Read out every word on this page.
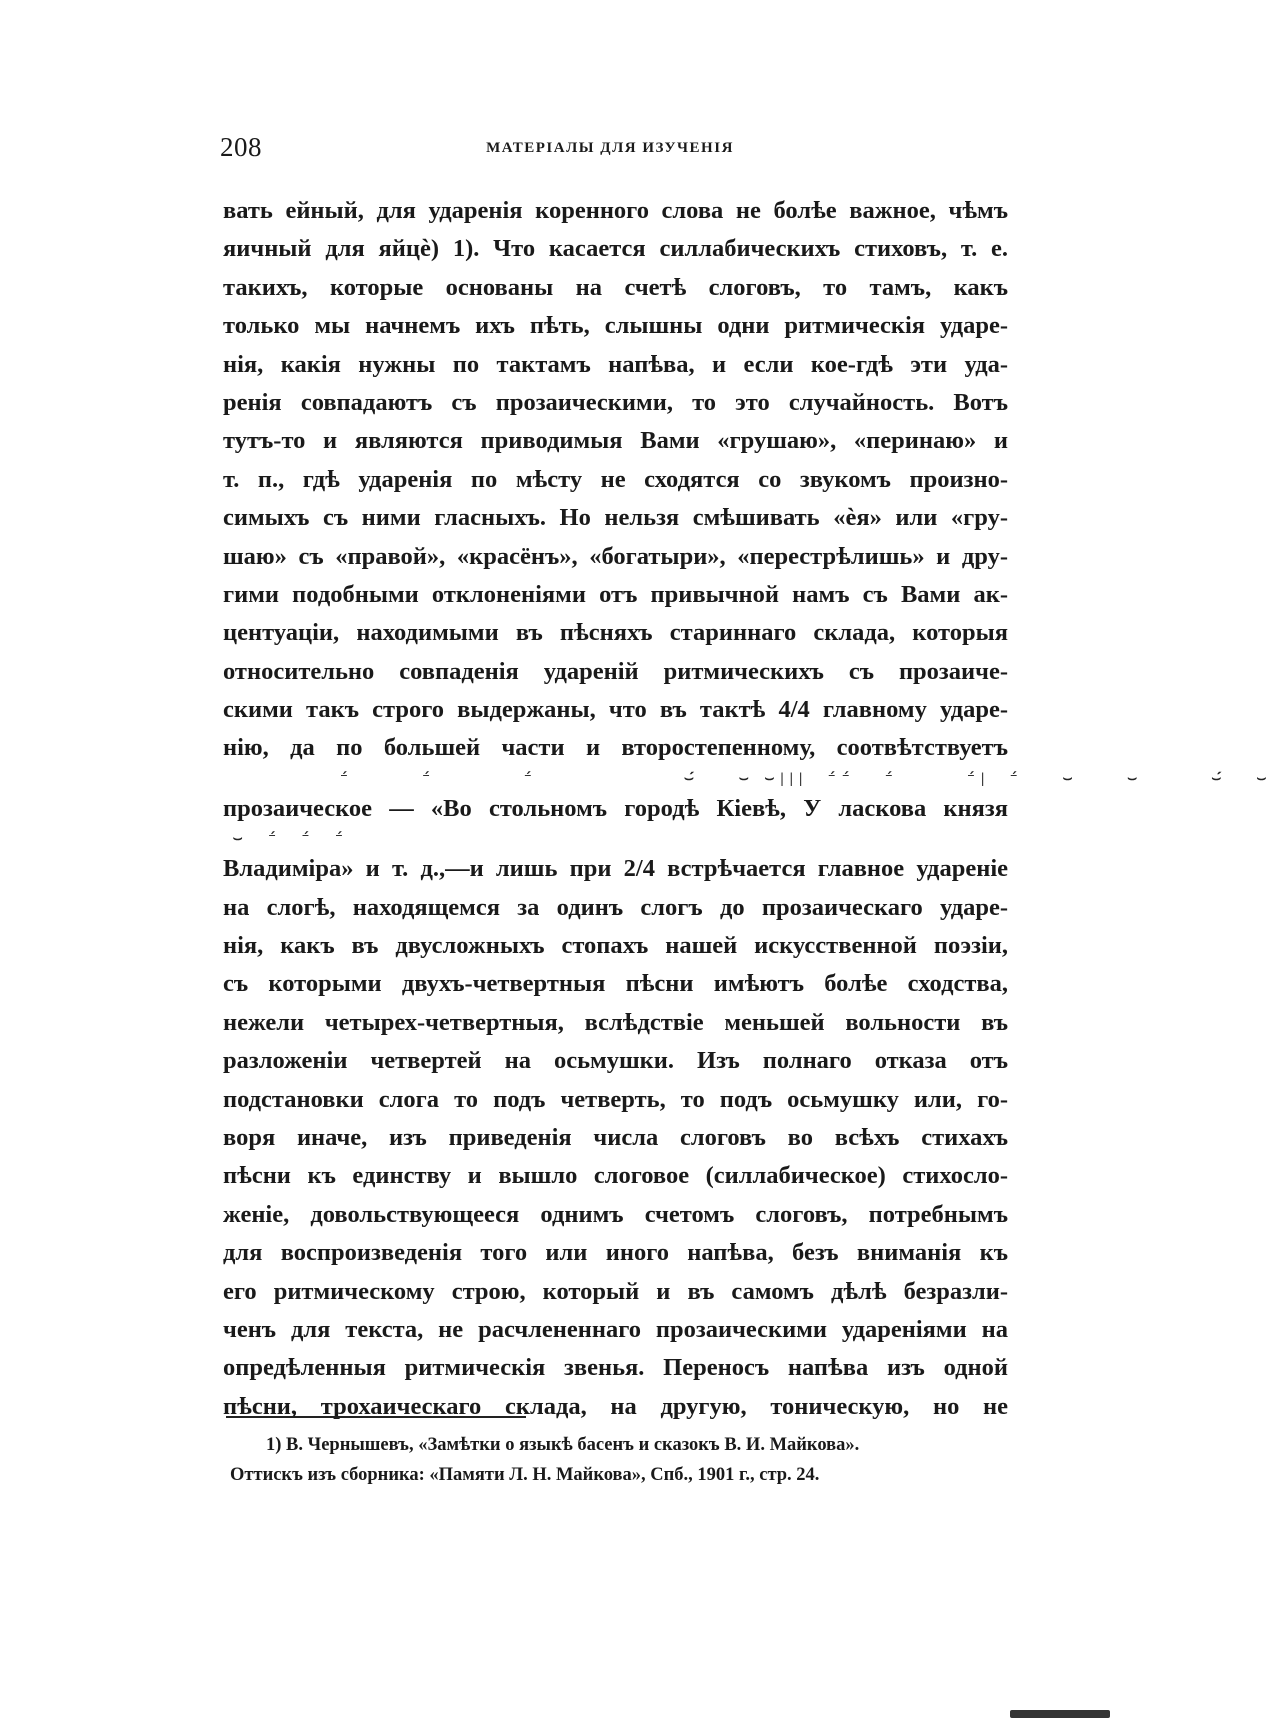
208	МАТЕРІАЛЫ ДЛЯ ИЗУЧЕНІЯ
вать ейный, для ударенія коренного слова не болѣе важное, чѣмъ
яичный для яйцѐ) 1). Что касается силлабическихъ стиховъ, т. е.
такихъ, которые основаны на счетѣ слоговъ, то тамъ, какъ
только мы начнемъ ихъ пѣть, слышны одни ритмическія ударе-
нія, какія нужны по тактамъ напѣва, и если кое-гдѣ эти уда-
ренія совпадаютъ съ прозаическими, то это случайность. Вотъ
тутъ-то и являются приводимыя Вами «грушаю», «перинаю» и
т. п., гдѣ ударенія по мѣсту не сходятся со звукомъ произно-
симыхъ съ ними гласныхъ. Но нельзя смѣшивать «ѐя» или «гру-
шаю» съ «правой», «красёнъ», «богатыри», «перестрѣлишь» и дру-
гими подобными отклоненіями отъ привычной намъ съ Вами ак-
центуаціи, находимыми въ пѣсняхъ стариннаго склада, которыя
относительно совпаденія ударенiй ритмическихъ съ прозаиче-
скими такъ строго выдержаны, что въ тактѣ 4/4 главному ударе-
нію, да по большей части и второстепенному, соотвѣтствуетъ
⁻́       ⁻́         ⁻́               ⌣́    ⌣ ⌣|||  ⁻́⁻́   ⁻́       ⁻́|  ⁻́    ⌣     ⌣       ⌣́   ⌣
прозаическое — «Во стольномъ городѣ Кіевѣ, У ласкова князя
⌣  ⁻́  ⁻́  ⁻́
Владиміра» и т. д.,—и лишь при 2/4 встрѣчается главное удареніе
на слогѣ, находящемся за одинъ слогъ до прозаическаго ударе-
нія, какъ въ двусложныхъ стопахъ нашей искусственной поэзіи,
съ которыми двухъ-четвертныя пѣсни имѣютъ болѣе сходства,
нежели четырех-четвертныя, вслѣдствіе меньшей вольности въ
разложеніи четвертей на осьмушки. Изъ полнаго отказа отъ
подстановки слога то подъ четверть, то подъ осьмушку или, го-
воря иначе, изъ приведенія числа слоговъ во всѣхъ стихахъ
пѣсни къ единству и вышло слоговое (силлабическое) стихосло-
женіе, довольствующееся однимъ счетомъ слоговъ, потребнымъ
для воспроизведенія того или иного напѣва, безъ вниманія къ
его ритмическому строю, который и въ самомъ дѣлѣ безразли-
ченъ для текста, не расчлененнаго прозаическими удареніями на
опредѣленныя ритмическія звенья. Переносъ напѣва изъ одной
пѣсни, трохаическаго склада, на другую, тоническую, но не
1) В. Чернышевъ, «Замѣтки о языкѣ басенъ и сказокъ В. И. Майкова».
Оттискъ изъ сборника: «Памяти Л. Н. Майкова», Спб., 1901 г., стр. 24.
